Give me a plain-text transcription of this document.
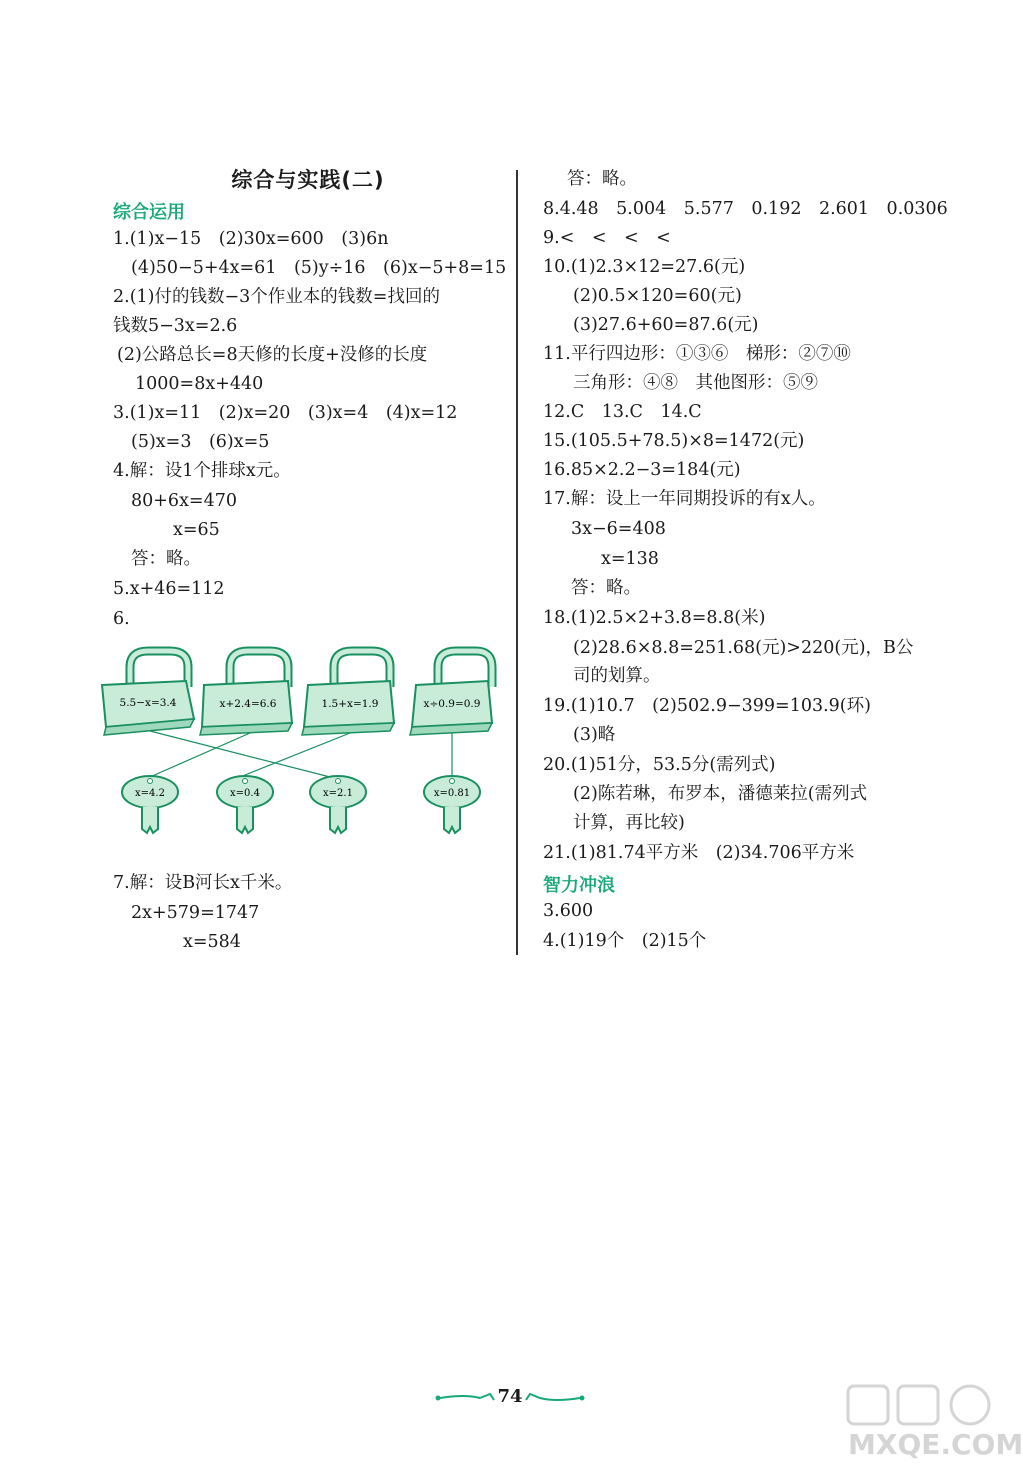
综合与实践(二)
综合运用
1.(1)x−15　(2)30x=600　(3)6n
(4)50−5+4x=61　(5)y÷16　(6)x−5+8=15
2.(1)付的钱数−3个作业本的钱数=找回的
钱数5−3x=2.6
(2)公路总长=8天修的长度+没修的长度
1000=8x+440
3.(1)x=11　(2)x=20　(3)x=4　(4)x=12
(5)x=3　(6)x=5
4.解：设1个排球x元。
80+6x=470
x=65
答：略。
5.x+46=112
6.
7.解：设B河长x千米。
2x+579=1747
x=584
5.5−x=3.4	x+2.4=6.6	1.5+x=1.9	x÷0.9=0.9
x=4.2	x=0.4	x=2.1	x=0.81
答：略。
8.4.48　5.004　5.577　0.192　2.601　0.0306
9.<　<　<　<
10.(1)2.3×12=27.6(元)
(2)0.5×120=60(元)
(3)27.6+60=87.6(元)
11.平行四边形：①③⑥　梯形：②⑦⑩
三角形：④⑧　其他图形：⑤⑨
12.C　13.C　14.C
15.(105.5+78.5)×8=1472(元)
16.85×2.2−3=184(元)
17.解：设上一年同期投诉的有x人。
3x−6=408
x=138
答：略。
18.(1)2.5×2+3.8=8.8(米)
(2)28.6×8.8=251.68(元)>220(元)，B公
司的划算。
19.(1)10.7　(2)502.9−399=103.9(环)
(3)略
20.(1)51分，53.5分(需列式)
(2)陈若琳，布罗本，潘德莱拉(需列式
计算，再比较)
21.(1)81.74平方米　(2)34.706平方米
智力冲浪
3.600
4.(1)19个　(2)15个
74
MXQE.COM
